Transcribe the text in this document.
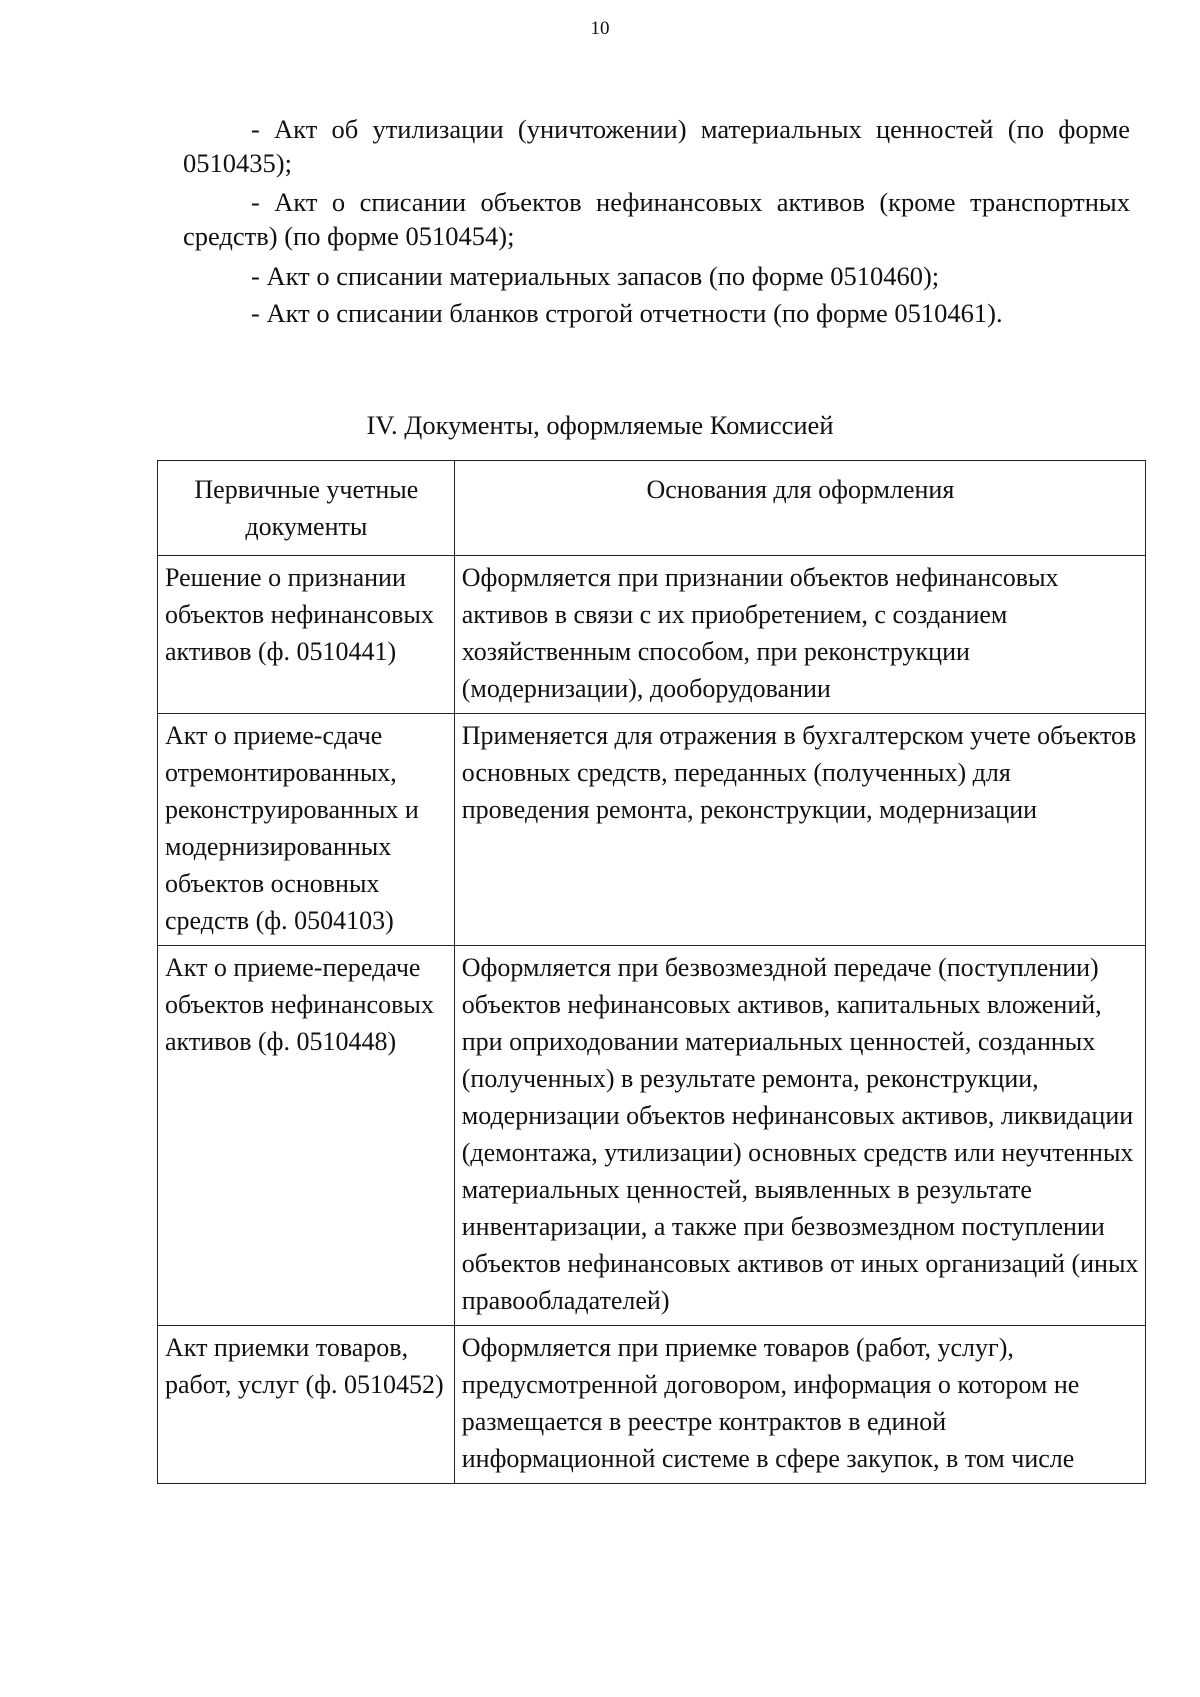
10
- Акт об утилизации (уничтожении) материальных ценностей (по форме 0510435);
- Акт о списании объектов нефинансовых активов (кроме транспортных средств) (по форме 0510454);
- Акт о списании материальных запасов (по форме 0510460);
- Акт о списании бланков строгой отчетности (по форме 0510461).
IV. Документы, оформляемые Комиссией
Первичные учетные документы	Основания для оформления
Решение о признании объектов нефинансовых активов (ф. 0510441)	Оформляется при признании объектов нефинансовых активов в связи с их приобретением, с созданием хозяйственным способом, при реконструкции (модернизации), дооборудовании
Акт о приеме-сдаче отремонтированных, реконструированных и модернизированных объектов основных средств (ф. 0504103)	Применяется для отражения в бухгалтерском учете объектов основных средств, переданных (полученных) для проведения ремонта, реконструкции, модернизации
Акт о приеме-передаче объектов нефинансовых активов (ф. 0510448)	Оформляется при безвозмездной передаче (поступлении) объектов нефинансовых активов, капитальных вложений, при оприходовании материальных ценностей, созданных (полученных) в результате ремонта, реконструкции, модернизации объектов нефинансовых активов, ликвидации (демонтажа, утилизации) основных средств или неучтенных материальных ценностей, выявленных в результате инвентаризации, а также при безвозмездном поступлении объектов нефинансовых активов от иных организаций (иных правообладателей)
Акт приемки товаров, работ, услуг (ф. 0510452)	Оформляется при приемке товаров (работ, услуг), предусмотренной договором, информация о котором не размещается в реестре контрактов в единой информационной системе в сфере закупок, в том числе
